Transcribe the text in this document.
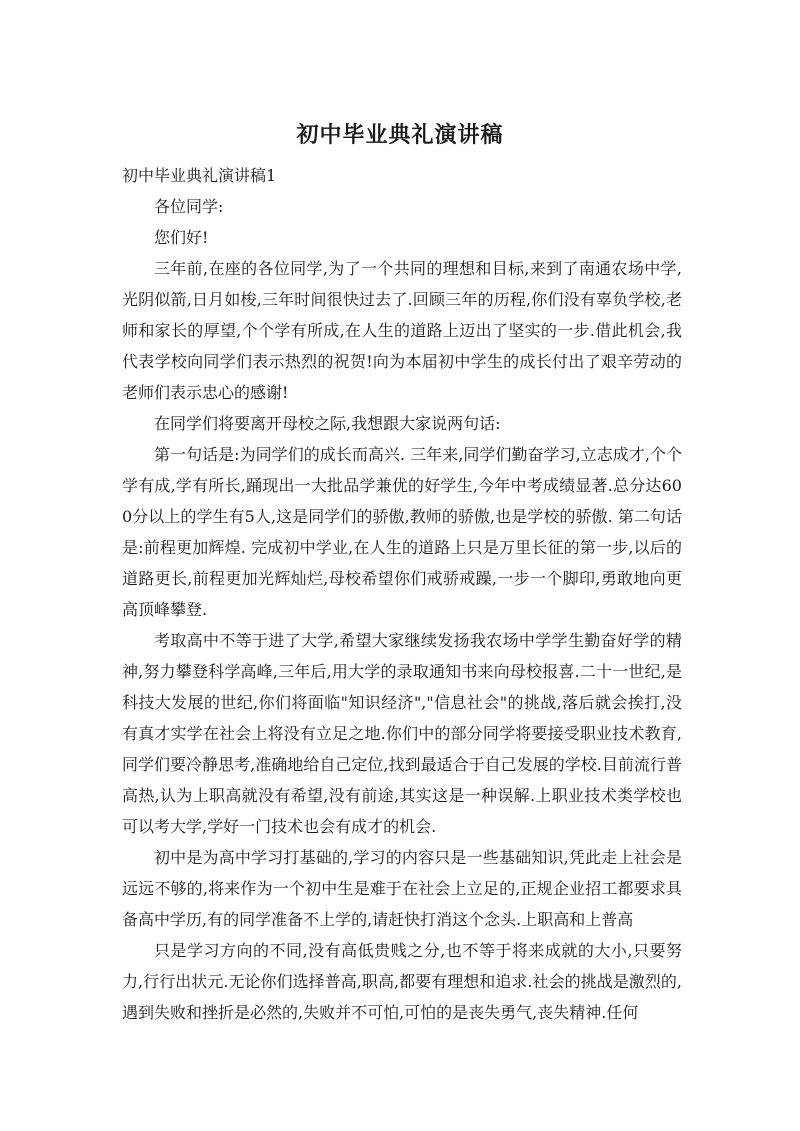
初中毕业典礼演讲稿

初中毕业典礼演讲稿1

各位同学:

您们好!

三年前,在座的各位同学,为了一个共同的理想和目标,来到了南通农场中学,光阴似箭,日月如梭,三年时间很快过去了.回顾三年的历程,你们没有辜负学校,老师和家长的厚望,个个学有所成,在人生的道路上迈出了坚实的一步.借此机会,我代表学校向同学们表示热烈的祝贺!向为本届初中学生的成长付出了艰辛劳动的老师们表示忠心的感谢!

在同学们将要离开母校之际,我想跟大家说两句话:

第一句话是:为同学们的成长而高兴. 三年来,同学们勤奋学习,立志成才,个个学有成,学有所长,踊现出一大批品学兼优的好学生,今年中考成绩显著.总分达600分以上的学生有5人,这是同学们的骄傲,教师的骄傲,也是学校的骄傲. 第二句话是:前程更加辉煌. 完成初中学业,在人生的道路上只是万里长征的第一步,以后的道路更长,前程更加光辉灿烂,母校希望你们戒骄戒躁,一步一个脚印,勇敢地向更高顶峰攀登.

考取高中不等于进了大学,希望大家继续发扬我农场中学学生勤奋好学的精神,努力攀登科学高峰,三年后,用大学的录取通知书来向母校报喜.二十一世纪,是科技大发展的世纪,你们将面临"知识经济","信息社会"的挑战,落后就会挨打,没有真才实学在社会上将没有立足之地.你们中的部分同学将要接受职业技术教育,同学们要冷静思考,准确地给自己定位,找到最适合于自己发展的学校.目前流行普高热,认为上职高就没有希望,没有前途,其实这是一种误解.上职业技术类学校也可以考大学,学好一门技术也会有成才的机会.

初中是为高中学习打基础的,学习的内容只是一些基础知识,凭此走上社会是远远不够的,将来作为一个初中生是难于在社会上立足的,正规企业招工都要求具备高中学历,有的同学准备不上学的,请赶快打消这个念头.上职高和上普高

只是学习方向的不同,没有高低贵贱之分,也不等于将来成就的大小,只要努力,行行出状元.无论你们选择普高,职高,都要有理想和追求.社会的挑战是激烈的,遇到失败和挫折是必然的,失败并不可怕,可怕的是丧失勇气,丧失精神.任何
